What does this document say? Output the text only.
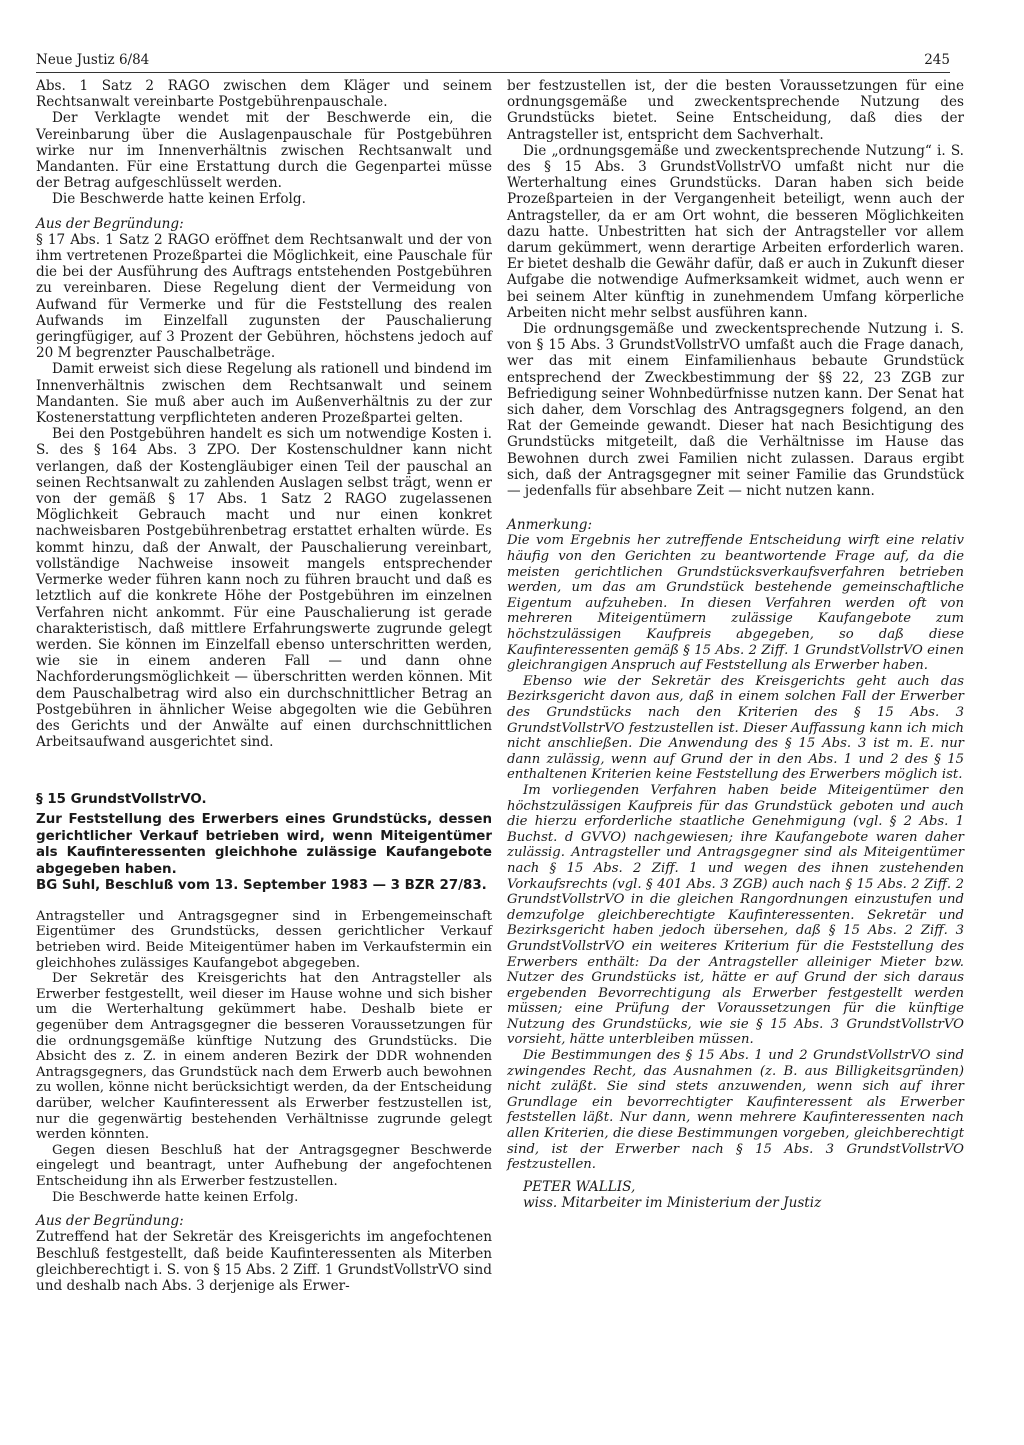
Neue Justiz 6/84	245

Abs. 1 Satz 2 RAGO zwischen dem Kläger und seinem Rechtsanwalt vereinbarte Postgebührenpauschale.

Der Verklagte wendet mit der Beschwerde ein, die Vereinbarung über die Auslagenpauschale für Postgebühren wirke nur im Innenverhältnis zwischen Rechtsanwalt und Mandanten. Für eine Erstattung durch die Gegenpartei müsse der Betrag aufgeschlüsselt werden.

Die Beschwerde hatte keinen Erfolg.

Aus der Begründung:

§ 17 Abs. 1 Satz 2 RAGO eröffnet dem Rechtsanwalt und der von ihm vertretenen Prozeßpartei die Möglichkeit, eine Pauschale für die bei der Ausführung des Auftrags entstehenden Postgebühren zu vereinbaren. Diese Regelung dient der Vermeidung von Aufwand für Vermerke und für die Feststellung des realen Aufwands im Einzelfall zugunsten der Pauschalierung geringfügiger, auf 3 Prozent der Gebühren, höchstens jedoch auf 20 M begrenzter Pauschalbeträge.

Damit erweist sich diese Regelung als rationell und bindend im Innenverhältnis zwischen dem Rechtsanwalt und seinem Mandanten. Sie muß aber auch im Außenverhältnis zu der zur Kostenerstattung verpflichteten anderen Prozeßpartei gelten.

Bei den Postgebühren handelt es sich um notwendige Kosten i. S. des § 164 Abs. 3 ZPO. Der Kostenschuldner kann nicht verlangen, daß der Kostengläubiger einen Teil der pauschal an seinen Rechtsanwalt zu zahlenden Auslagen selbst trägt, wenn er von der gemäß § 17 Abs. 1 Satz 2 RAGO zugelassenen Möglichkeit Gebrauch macht und nur einen konkret nachweisbaren Postgebührenbetrag erstattet erhalten würde. Es kommt hinzu, daß der Anwalt, der Pauschalierung vereinbart, vollständige Nachweise insoweit mangels entsprechender Vermerke weder führen kann noch zu führen braucht und daß es letztlich auf die konkrete Höhe der Postgebühren im einzelnen Verfahren nicht ankommt. Für eine Pauschalierung ist gerade charakteristisch, daß mittlere Erfahrungswerte zugrunde gelegt werden. Sie können im Einzelfall ebenso unterschritten werden, wie sie in einem anderen Fall — und dann ohne Nachforderungsmöglichkeit — überschritten werden können. Mit dem Pauschalbetrag wird also ein durchschnittlicher Betrag an Postgebühren in ähnlicher Weise abgegolten wie die Gebühren des Gerichts und der Anwälte auf einen durchschnittlichen Arbeitsaufwand ausgerichtet sind.

§ 15 GrundstVollstrVO.

Zur Feststellung des Erwerbers eines Grundstücks, dessen gerichtlicher Verkauf betrieben wird, wenn Miteigentümer als Kaufinteressenten gleichhohe zulässige Kaufangebote abgegeben haben.

BG Suhl, Beschluß vom 13. September 1983 — 3 BZR 27/83.

Antragsteller und Antragsgegner sind in Erbengemeinschaft Eigentümer des Grundstücks, dessen gerichtlicher Verkauf betrieben wird. Beide Miteigentümer haben im Verkaufstermin ein gleichhohes zulässiges Kaufangebot abgegeben.

Der Sekretär des Kreisgerichts hat den Antragsteller als Erwerber festgestellt, weil dieser im Hause wohne und sich bisher um die Werterhaltung gekümmert habe. Deshalb biete er gegenüber dem Antragsgegner die besseren Voraussetzungen für die ordnungsgemäße künftige Nutzung des Grundstücks. Die Absicht des z. Z. in einem anderen Bezirk der DDR wohnenden Antragsgegners, das Grundstück nach dem Erwerb auch bewohnen zu wollen, könne nicht berücksichtigt werden, da der Entscheidung darüber, welcher Kaufinteressent als Erwerber festzustellen ist, nur die gegenwärtig bestehenden Verhältnisse zugrunde gelegt werden könnten.

Gegen diesen Beschluß hat der Antragsgegner Beschwerde eingelegt und beantragt, unter Aufhebung der angefochtenen Entscheidung ihn als Erwerber festzustellen.

Die Beschwerde hatte keinen Erfolg.

Aus der Begründung:

Zutreffend hat der Sekretär des Kreisgerichts im angefochtenen Beschluß festgestellt, daß beide Kaufinteressenten als Miterben gleichberechtigt i. S. von § 15 Abs. 2 Ziff. 1 GrundstVollstrVO sind und deshalb nach Abs. 3 derjenige als Erwer-

ber festzustellen ist, der die besten Voraussetzungen für eine ordnungsgemäße und zweckentsprechende Nutzung des Grundstücks bietet. Seine Entscheidung, daß dies der Antragsteller ist, entspricht dem Sachverhalt.

Die „ordnungsgemäße und zweckentsprechende Nutzung“ i. S. des § 15 Abs. 3 GrundstVollstrVO umfaßt nicht nur die Werterhaltung eines Grundstücks. Daran haben sich beide Prozeßparteien in der Vergangenheit beteiligt, wenn auch der Antragsteller, da er am Ort wohnt, die besseren Möglichkeiten dazu hatte. Unbestritten hat sich der Antragsteller vor allem darum gekümmert, wenn derartige Arbeiten erforderlich waren. Er bietet deshalb die Gewähr dafür, daß er auch in Zukunft dieser Aufgabe die notwendige Aufmerksamkeit widmet, auch wenn er bei seinem Alter künftig in zunehmendem Umfang körperliche Arbeiten nicht mehr selbst ausführen kann.

Die ordnungsgemäße und zweckentsprechende Nutzung i. S. von § 15 Abs. 3 GrundstVollstrVO umfaßt auch die Frage danach, wer das mit einem Einfamilienhaus bebaute Grundstück entsprechend der Zweckbestimmung der §§ 22, 23 ZGB zur Befriedigung seiner Wohnbedürfnisse nutzen kann. Der Senat hat sich daher, dem Vorschlag des Antragsgegners folgend, an den Rat der Gemeinde gewandt. Dieser hat nach Besichtigung des Grundstücks mitgeteilt, daß die Verhältnisse im Hause das Bewohnen durch zwei Familien nicht zulassen. Daraus ergibt sich, daß der Antragsgegner mit seiner Familie das Grundstück — jedenfalls für absehbare Zeit — nicht nutzen kann.

Anmerkung:

Die vom Ergebnis her zutreffende Entscheidung wirft eine relativ häufig von den Gerichten zu beantwortende Frage auf, da die meisten gerichtlichen Grundstücksverkaufsverfahren betrieben werden, um das am Grundstück bestehende gemeinschaftliche Eigentum aufzuheben. In diesen Verfahren werden oft von mehreren Miteigentümern zulässige Kaufangebote zum höchstzulässigen Kaufpreis abgegeben, so daß diese Kaufinteressenten gemäß § 15 Abs. 2 Ziff. 1 GrundstVollstrVO einen gleichrangigen Anspruch auf Feststellung als Erwerber haben.

Ebenso wie der Sekretär des Kreisgerichts geht auch das Bezirksgericht davon aus, daß in einem solchen Fall der Erwerber des Grundstücks nach den Kriterien des § 15 Abs. 3 GrundstVollstrVO festzustellen ist. Dieser Auffassung kann ich mich nicht anschließen. Die Anwendung des § 15 Abs. 3 ist m. E. nur dann zulässig, wenn auf Grund der in den Abs. 1 und 2 des § 15 enthaltenen Kriterien keine Feststellung des Erwerbers möglich ist.

Im vorliegenden Verfahren haben beide Miteigentümer den höchstzulässigen Kaufpreis für das Grundstück geboten und auch die hierzu erforderliche staatliche Genehmigung (vgl. § 2 Abs. 1 Buchst. d GVVO) nachgewiesen; ihre Kaufangebote waren daher zulässig. Antragsteller und Antragsgegner sind als Miteigentümer nach § 15 Abs. 2 Ziff. 1 und wegen des ihnen zustehenden Vorkaufsrechts (vgl. § 401 Abs. 3 ZGB) auch nach § 15 Abs. 2 Ziff. 2 GrundstVollstrVO in die gleichen Rangordnungen einzustufen und demzufolge gleichberechtigte Kaufinteressenten. Sekretär und Bezirksgericht haben jedoch übersehen, daß § 15 Abs. 2 Ziff. 3 GrundstVollstrVO ein weiteres Kriterium für die Feststellung des Erwerbers enthält: Da der Antragsteller alleiniger Mieter bzw. Nutzer des Grundstücks ist, hätte er auf Grund der sich daraus ergebenden Bevorrechtigung als Erwerber festgestellt werden müssen; eine Prüfung der Voraussetzungen für die künftige Nutzung des Grundstücks, wie sie § 15 Abs. 3 GrundstVollstrVO vorsieht, hätte unterbleiben müssen.

Die Bestimmungen des § 15 Abs. 1 und 2 GrundstVollstrVO sind zwingendes Recht, das Ausnahmen (z. B. aus Billigkeitsgründen) nicht zuläßt. Sie sind stets anzuwenden, wenn sich auf ihrer Grundlage ein bevorrechtigter Kaufinteressent als Erwerber feststellen läßt. Nur dann, wenn mehrere Kaufinteressenten nach allen Kriterien, die diese Bestimmungen vorgeben, gleichberechtigt sind, ist der Erwerber nach § 15 Abs. 3 GrundstVollstrVO festzustellen.

PETER WALLIS,

wiss. Mitarbeiter im Ministerium der Justiz
